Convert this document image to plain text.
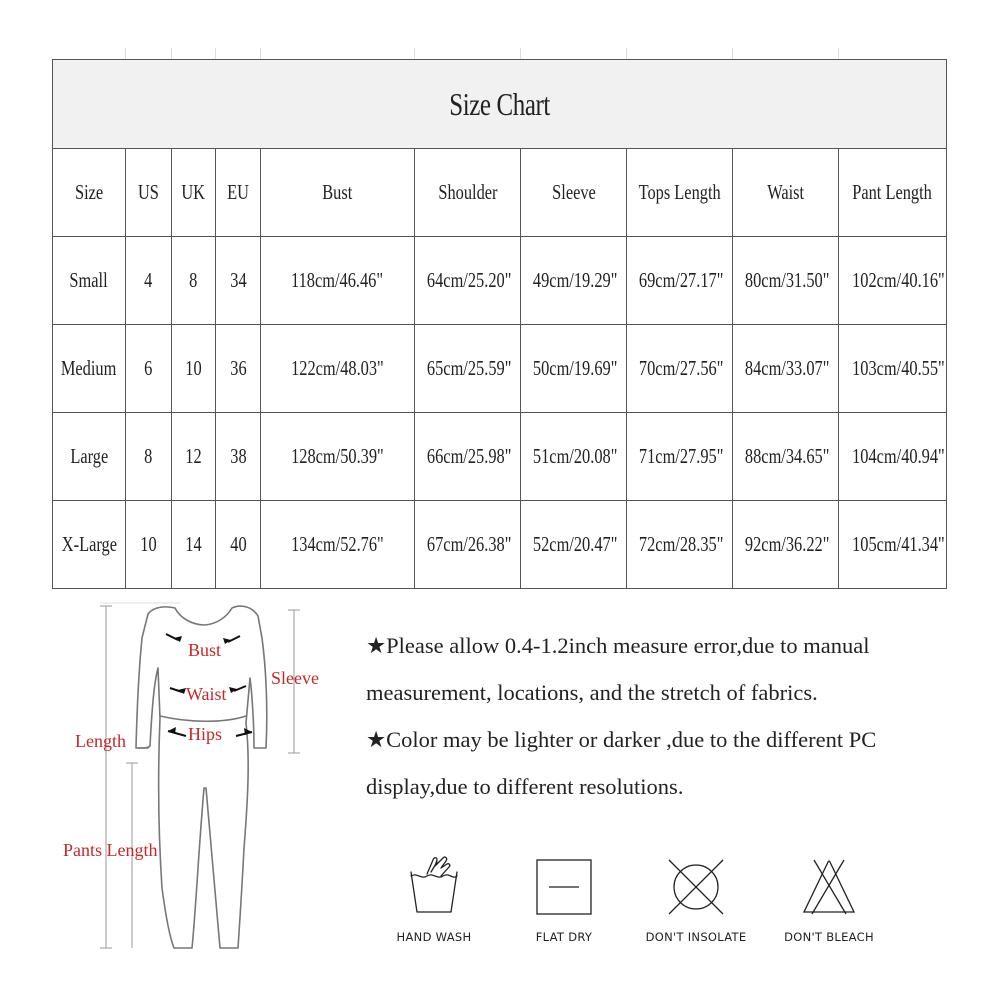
Size Chart									
Size	US	UK	EU	Bust	Shoulder	Sleeve	Tops Length	Waist	Pant Length
Small	4	8	34	118cm/46.46"	64cm/25.20"	49cm/19.29"	69cm/27.17"	80cm/31.50"	102cm/40.16"
Medium	6	10	36	122cm/48.03"	65cm/25.59"	50cm/19.69"	70cm/27.56"	84cm/33.07"	103cm/40.55"
Large	8	12	38	128cm/50.39"	66cm/25.98"	51cm/20.08"	71cm/27.95"	88cm/34.65"	104cm/40.94"
X-Large	10	14	40	134cm/52.76"	67cm/26.38"	52cm/20.47"	72cm/28.35"	92cm/36.22"	105cm/41.34"
Bust
Waist
Hips
Sleeve
Length
Pants Length

★Please allow 0.4-1.2inch measure error,due to manual measurement, locations, and the stretch of fabrics.

★Color may be lighter or darker ,due to the different PC display,due to different resolutions.

HAND WASH	FLAT DRY	DON'T INSOLATE	DON'T BLEACH
